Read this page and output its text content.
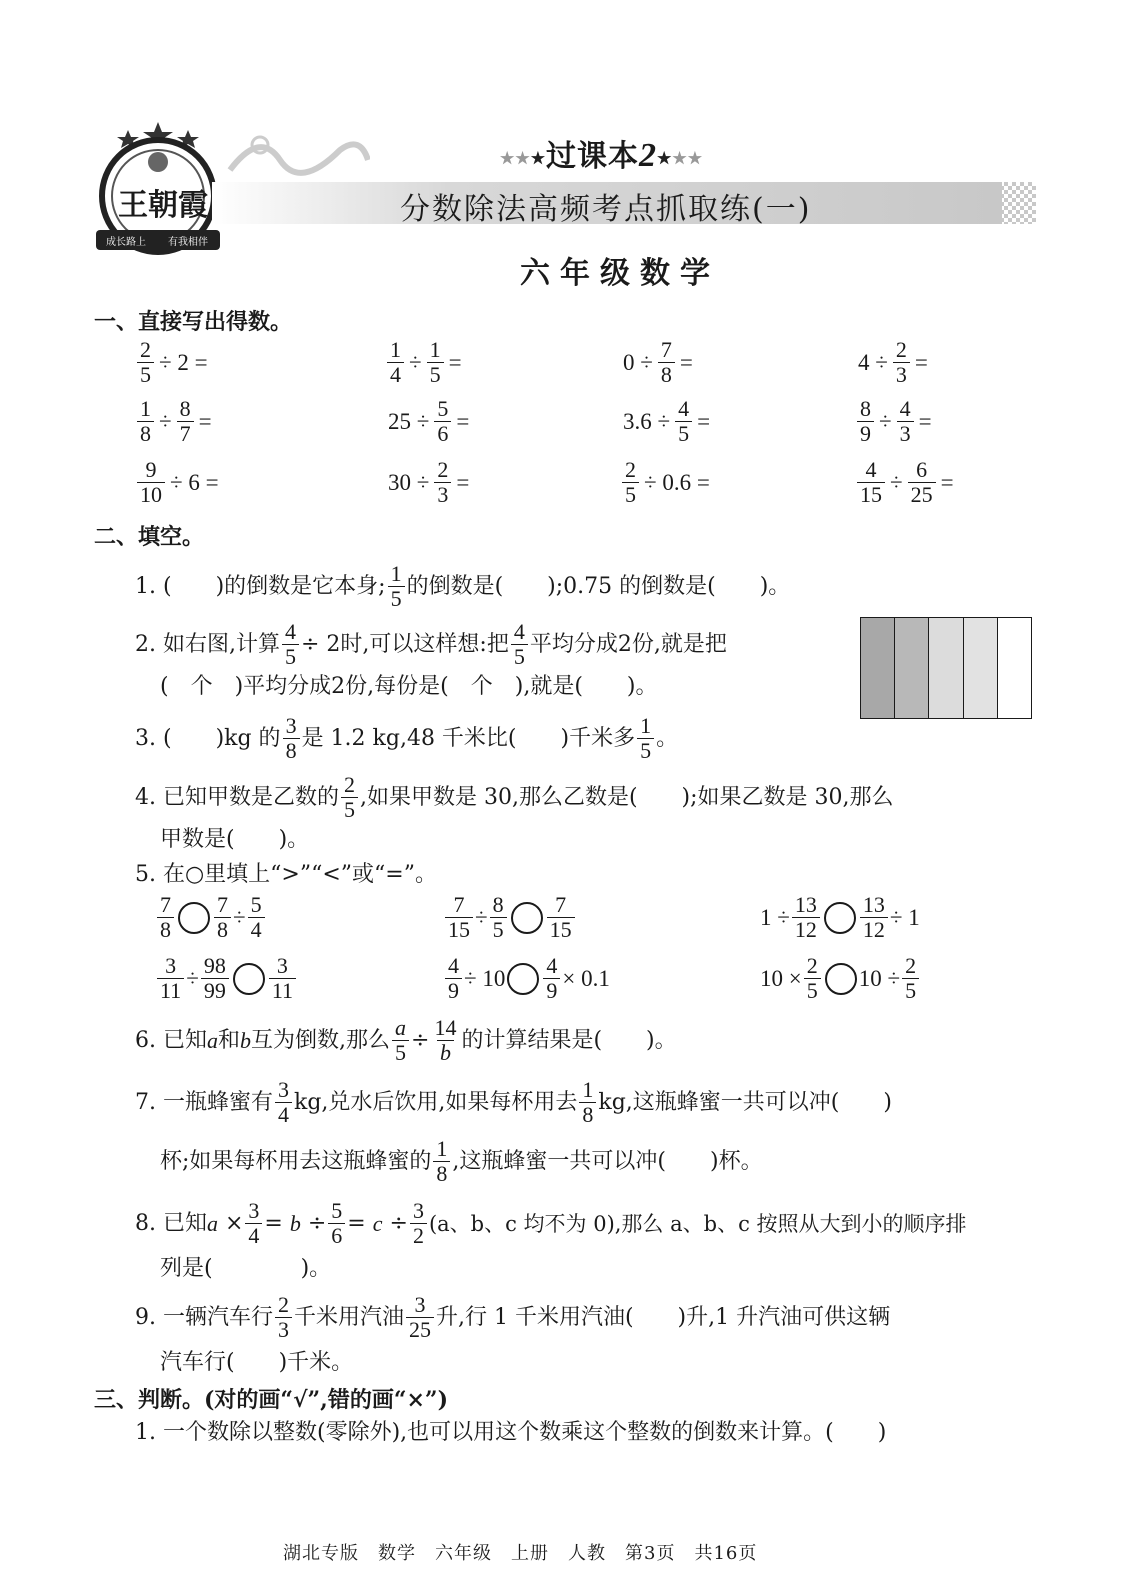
王朝霞
成长路上 有我相伴
★★★过课本2★★★
分数除法高频考点抓取练(一)
六年级数学
一、直接写出得数。
$\frac{2}{5} \div 2$ =	$\frac{1}{4} \div \frac{1}{5}$ =	$0 \div \frac{7}{8}$ =	$4 \div \frac{2}{3}$ =
$\frac{1}{8} \div \frac{8}{7}$ =	$25 \div \frac{5}{6}$ =	$3.6 \div \frac{4}{5}$ =	$\frac{8}{9} \div \frac{4}{3}$ =
$\frac{9}{10} \div 6$ =	$30 \div \frac{2}{3}$ =	$\frac{2}{5} \div 0.6$ =	$\frac{4}{15} \div \frac{6}{25}$ =
二、填空。
1. (　　)的倒数是它本身; $\frac{1}{5}$ 的倒数是(　　);0.75 的倒数是(　　)。
2. 如右图,计算 $\frac{4}{5} \div 2$时,可以这样想:把 $\frac{4}{5}$ 平均分成2份,就是把
(　个　)平均分成2份,每份是(　个　),就是(　　)。
3. (　　)kg 的 $\frac{3}{8}$ 是 1.2 kg,48 千米比(　　)千米多 $\frac{1}{5}$ 。
4. 已知甲数是乙数的 $\frac{2}{5}$ ,如果甲数是 30,那么乙数是(　　);如果乙数是 30,那么
甲数是(　　)。
5. 在○里填上“>”“<”或“=”。
$\frac{7}{8} \frac{7}{8} \div \frac{5}{4}$	$\frac{7}{15} \div \frac{8}{5} \frac{7}{15}$	$1 \div \frac{13}{12} \frac{13}{12} \div 1$
$\frac{3}{11} \div \frac{98}{99} \frac{3}{11}$	$\frac{4}{9} \div 10 \frac{4}{9} \times 0.1$	$10 \times \frac{2}{5} 10 \div \frac{2}{5}$
6. 已知 a 和 b 互为倒数,那么 $\frac{a}{5} \div \frac{14}{b}$ 的计算结果是(　　)。
7. 一瓶蜂蜜有 $\frac{3}{4}$ kg,兑水后饮用,如果每杯用去 $\frac{1}{8}$ kg,这瓶蜂蜜一共可以冲(　　)
杯;如果每杯用去这瓶蜂蜜的 $\frac{1}{8}$ ,这瓶蜂蜜一共可以冲(　　)杯。
8. 已知 a
× $\frac{3}{4}$ =
b
÷ $\frac{5}{6}$ =
c
÷ $\frac{3}{2} (a$、b、c 均不为 0),那么 a、b、c 按照从大到小的顺序排
列是(　　　　)。
9. 一辆汽车行 $\frac{2}{3}$ 千米用汽油 $\frac{3}{25}$ 升,行 1 千米用汽油(　　)升,1 升汽油可供这辆
汽车行(　　)千米。
三、判断。(对的画“√”,错的画“×”)
1. 一个数除以整数(零除外),也可以用这个数乘这个整数的倒数来计算。(　　)
湖北专版　数学　六年级　上册　人教　第3页　共16页
